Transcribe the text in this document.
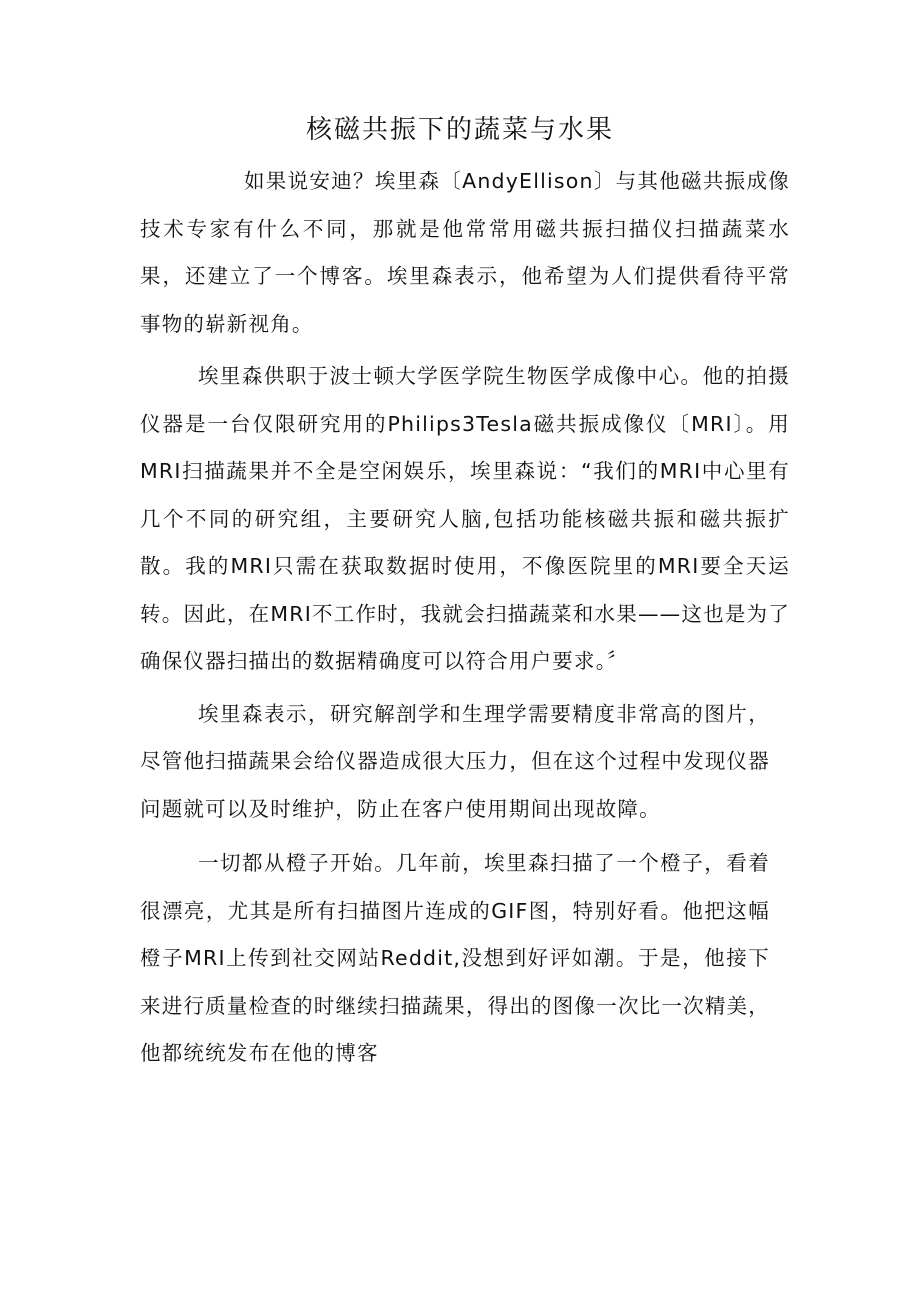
核磁共振下的蔬菜与水果

如果说安迪？埃里森〔AndyEllison〕与其他磁共振成像技术专家有什么不同，那就是他常常用磁共振扫描仪扫描蔬菜水果，还建立了一个博客。埃里森表示，他希望为人们提供看待平常事物的崭新视角。

埃里森供职于波士顿大学医学院生物医学成像中心。他的拍摄仪器是一台仅限研究用的Philips3Tesla磁共振成像仪〔MRI〕。用MRI扫描蔬果并不全是空闲娱乐，埃里森说：“我们的MRI中心里有几个不同的研究组，主要研究人脑,包括功能核磁共振和磁共振扩散。我的MRI只需在获取数据时使用，不像医院里的MRI要全天运转。因此，在MRI不工作时，我就会扫描蔬菜和水果——这也是为了确保仪器扫描出的数据精确度可以符合用户要求。〞

埃里森表示，研究解剖学和生理学需要精度非常高的图片，尽管他扫描蔬果会给仪器造成很大压力，但在这个过程中发现仪器问题就可以及时维护，防止在客户使用期间出现故障。

一切都从橙子开始。几年前，埃里森扫描了一个橙子，看着很漂亮，尤其是所有扫描图片连成的GIF图，特别好看。他把这幅橙子MRI上传到社交网站Reddit,没想到好评如潮。于是，他接下来进行质量检查的时继续扫描蔬果，得出的图像一次比一次精美，他都统统发布在他的博客
